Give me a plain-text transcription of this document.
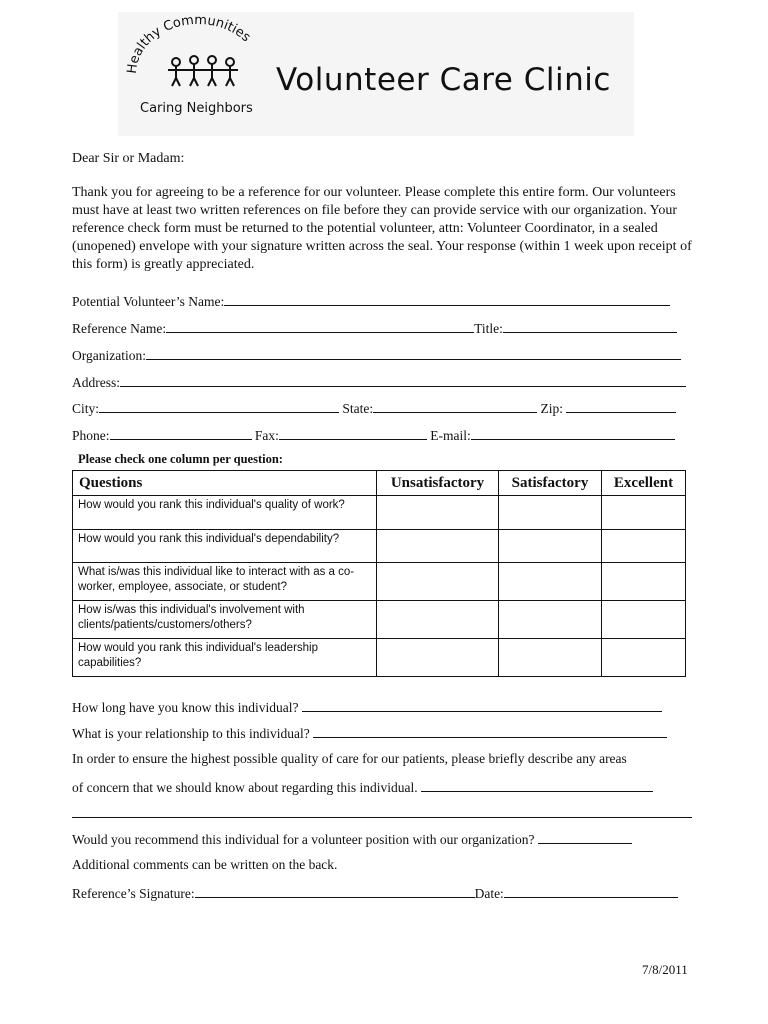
Healthy Communities
Caring Neighbors
Volunteer Care Clinic
Dear Sir or Madam:
Thank you for agreeing to be a reference for our volunteer. Please complete this entire form. Our volunteers must have at least two written references on file before they can provide service with our organization. Your reference check form must be returned to the potential volunteer, attn: Volunteer Coordinator, in a sealed (unopened) envelope with your signature written across the seal. Your response (within 1 week upon receipt of this form) is greatly appreciated.
Potential Volunteer’s Name:
Reference Name:	Title:
Organization:
Address:
City:	State:	Zip:
Phone:	Fax:	E-mail:
Please check one column per question:
Questions	Unsatisfactory	Satisfactory	Excellent
How would you rank this individual's quality of work?			
How would you rank this individual's dependability?			
What is/was this individual like to interact with as a co-worker, employee, associate, or student?			
How is/was this individual's involvement with clients/patients/customers/others?			
How would you rank this individual's leadership capabilities?			
How long have you know this individual?
What is your relationship to this individual?
In order to ensure the highest possible quality of care for our patients, please briefly describe any areas
of concern that we should know about regarding this individual.
Would you recommend this individual for a volunteer position with our organization?
Additional comments can be written on the back.
Reference’s Signature:	Date:
7/8/2011
